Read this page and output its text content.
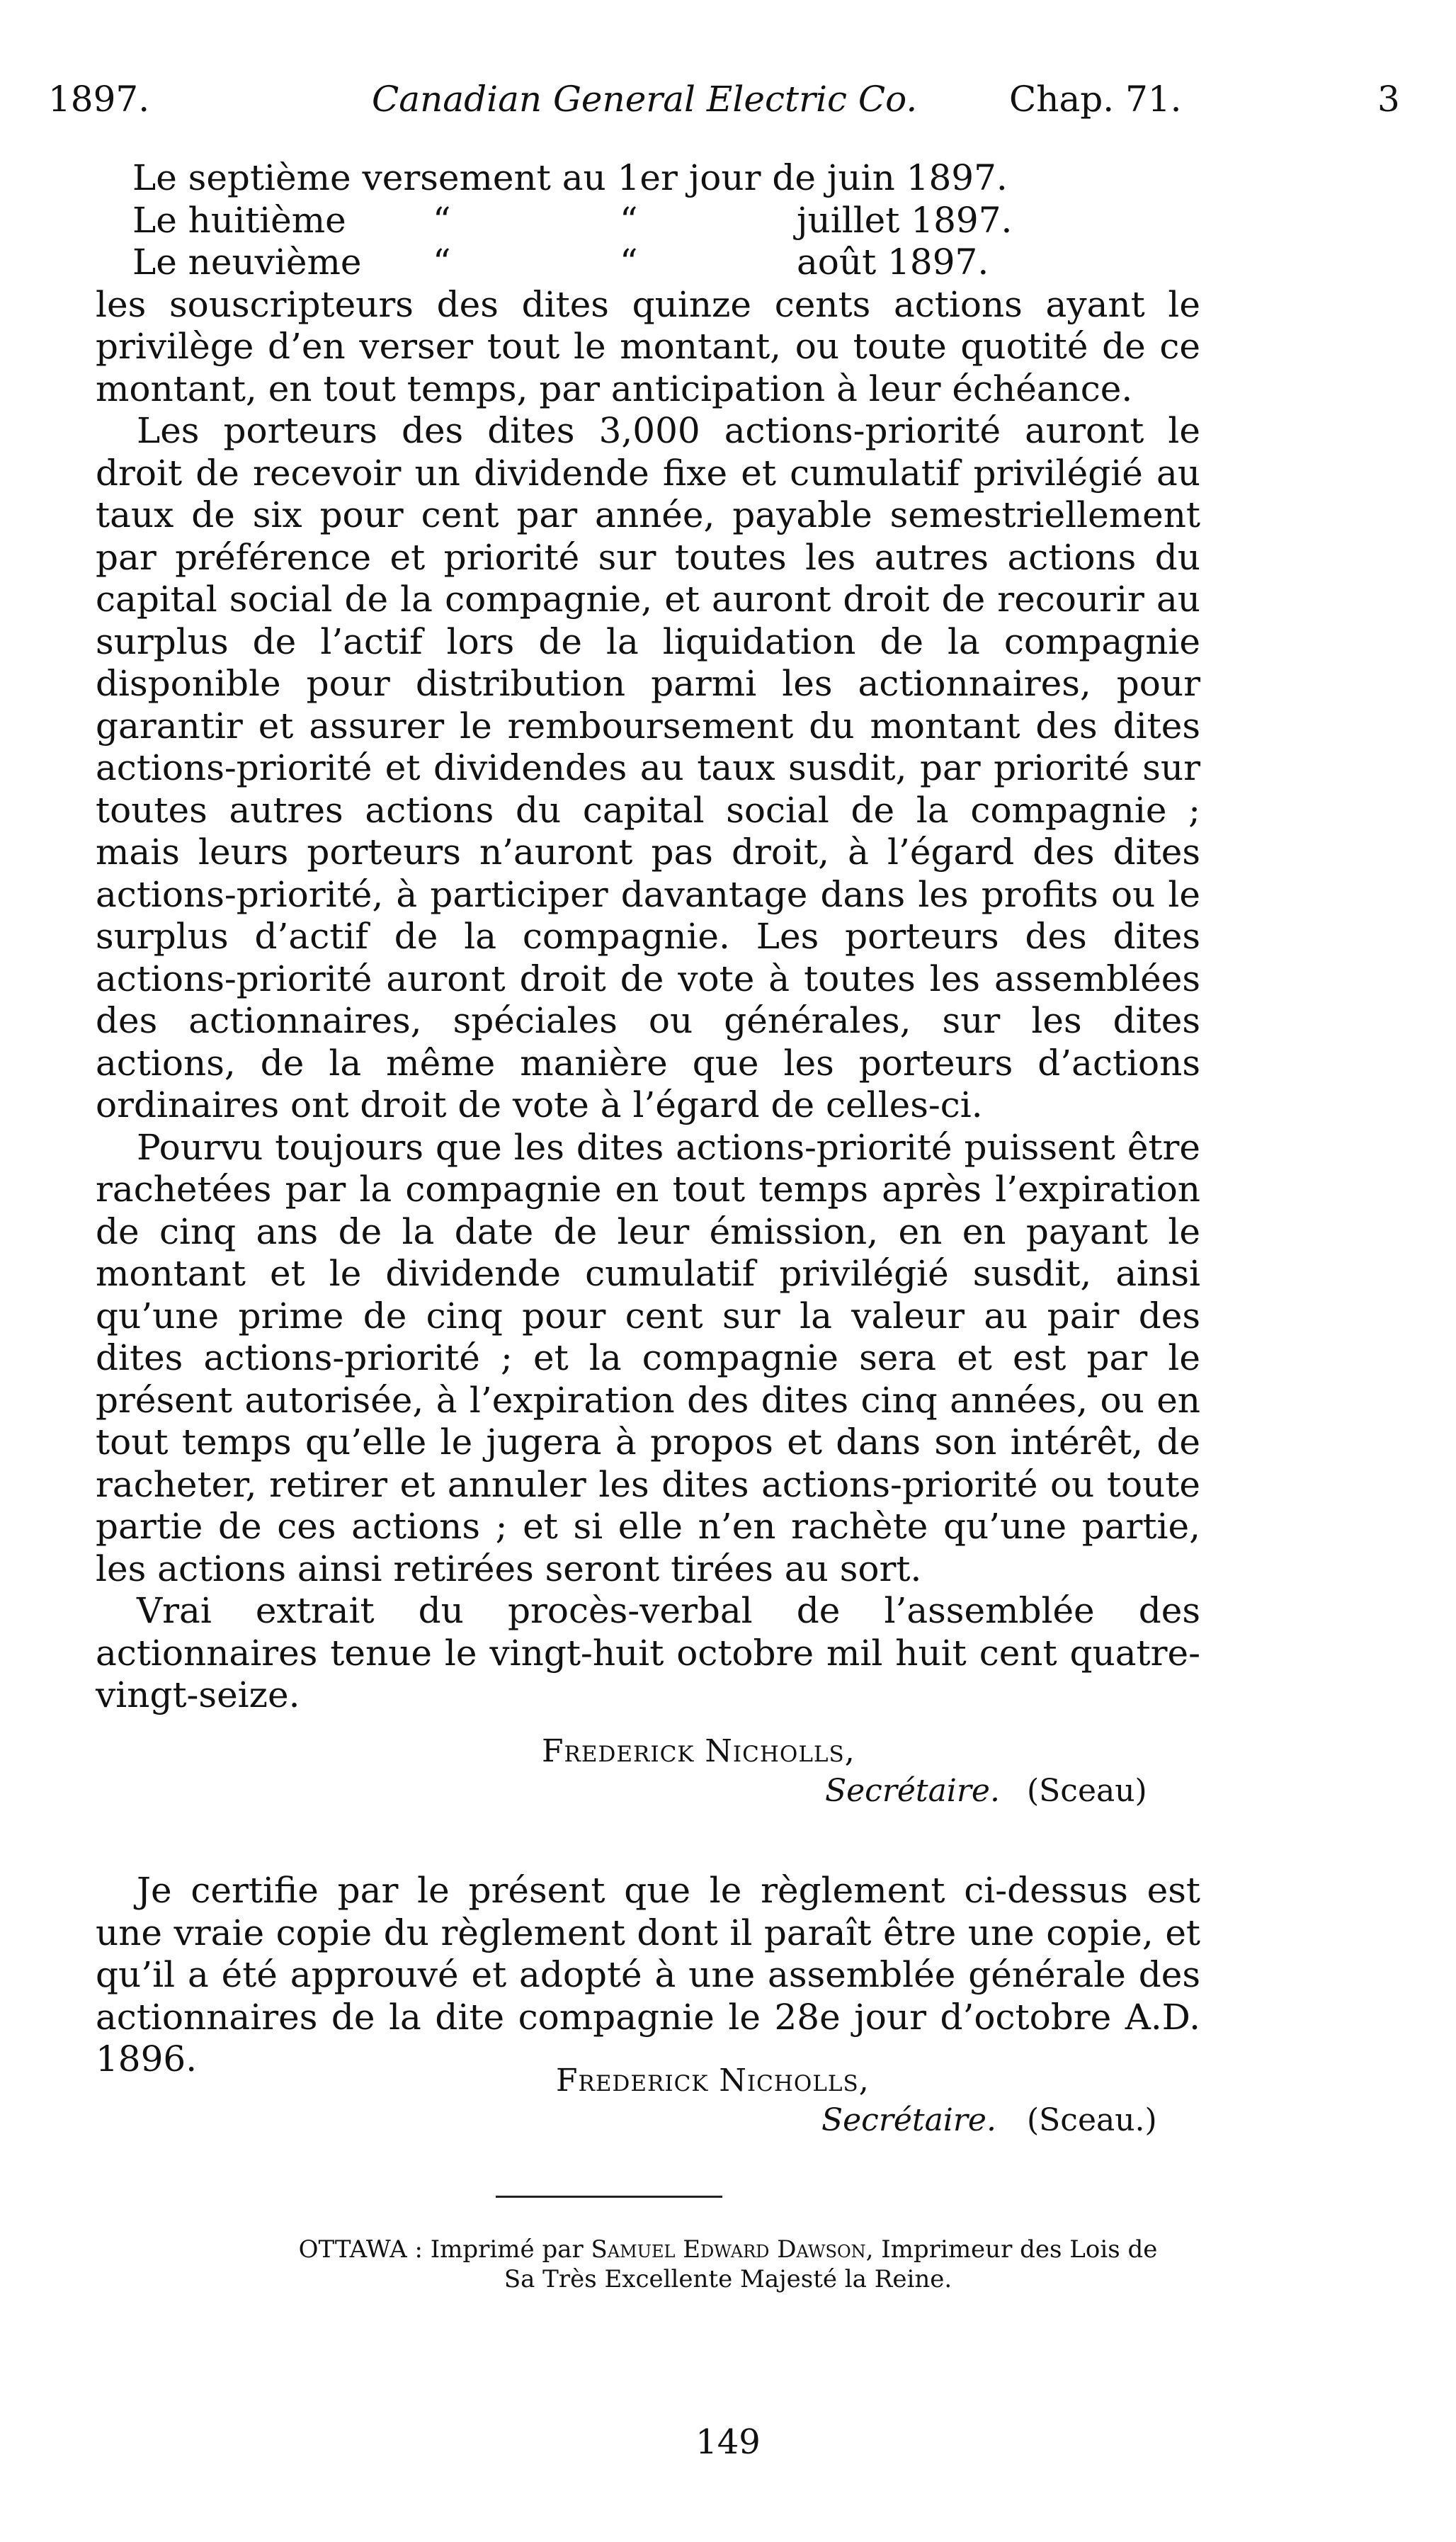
1897.	Canadian General Electric Co.	Chap. 71.	3
Le septième versement au 1er jour de juin 1897.
Le huitième “	“	juillet 1897.
Le neuvième “	“	août 1897.

les souscripteurs des dites quinze cents actions ayant le privilège d’en verser tout le montant, ou toute quotité de ce montant, en tout temps, par anticipation à leur échéance.

Les porteurs des dites 3,000 actions-priorité auront le droit de recevoir un dividende fixe et cumulatif privilégié au taux de six pour cent par année, payable semestriellement par préférence et priorité sur toutes les autres actions du capital social de la compagnie, et auront droit de recourir au surplus de l’actif lors de la liquidation de la compagnie disponible pour distribution parmi les actionnaires, pour garantir et assurer le remboursement du montant des dites actions-priorité et dividendes au taux susdit, par priorité sur toutes autres actions du capital social de la compagnie ; mais leurs porteurs n’auront pas droit, à l’égard des dites actions-priorité, à participer davantage dans les profits ou le surplus d’actif de la compagnie. Les porteurs des dites actions-priorité auront droit de vote à toutes les assemblées des actionnaires, spéciales ou générales, sur les dites actions, de la même manière que les porteurs d’actions ordinaires ont droit de vote à l’égard de celles-ci.

Pourvu toujours que les dites actions-priorité puissent être rachetées par la compagnie en tout temps après l’expiration de cinq ans de la date de leur émission, en en payant le montant et le dividende cumulatif privilégié susdit, ainsi qu’une prime de cinq pour cent sur la valeur au pair des dites actions-priorité ; et la compagnie sera et est par le présent autorisée, à l’expiration des dites cinq années, ou en tout temps qu’elle le jugera à propos et dans son intérêt, de racheter, retirer et annuler les dites actions-priorité ou toute partie de ces actions ; et si elle n’en rachète qu’une partie, les actions ainsi retirées seront tirées au sort.

Vrai extrait du procès-verbal de l’assemblée des actionnaires tenue le vingt-huit octobre mil huit cent quatre-vingt-seize.

Frederick Nicholls,
Secrétaire. (Sceau)

Je certifie par le présent que le règlement ci-dessus est une vraie copie du règlement dont il paraît être une copie, et qu’il a été approuvé et adopté à une assemblée générale des actionnaires de la dite compagnie le 28e jour d’octobre A.D. 1896.

Frederick Nicholls,
Secrétaire. (Sceau.)
OTTAWA : Imprimé par Samuel Edward Dawson, Imprimeur des Lois de
Sa Très Excellente Majesté la Reine.
149
